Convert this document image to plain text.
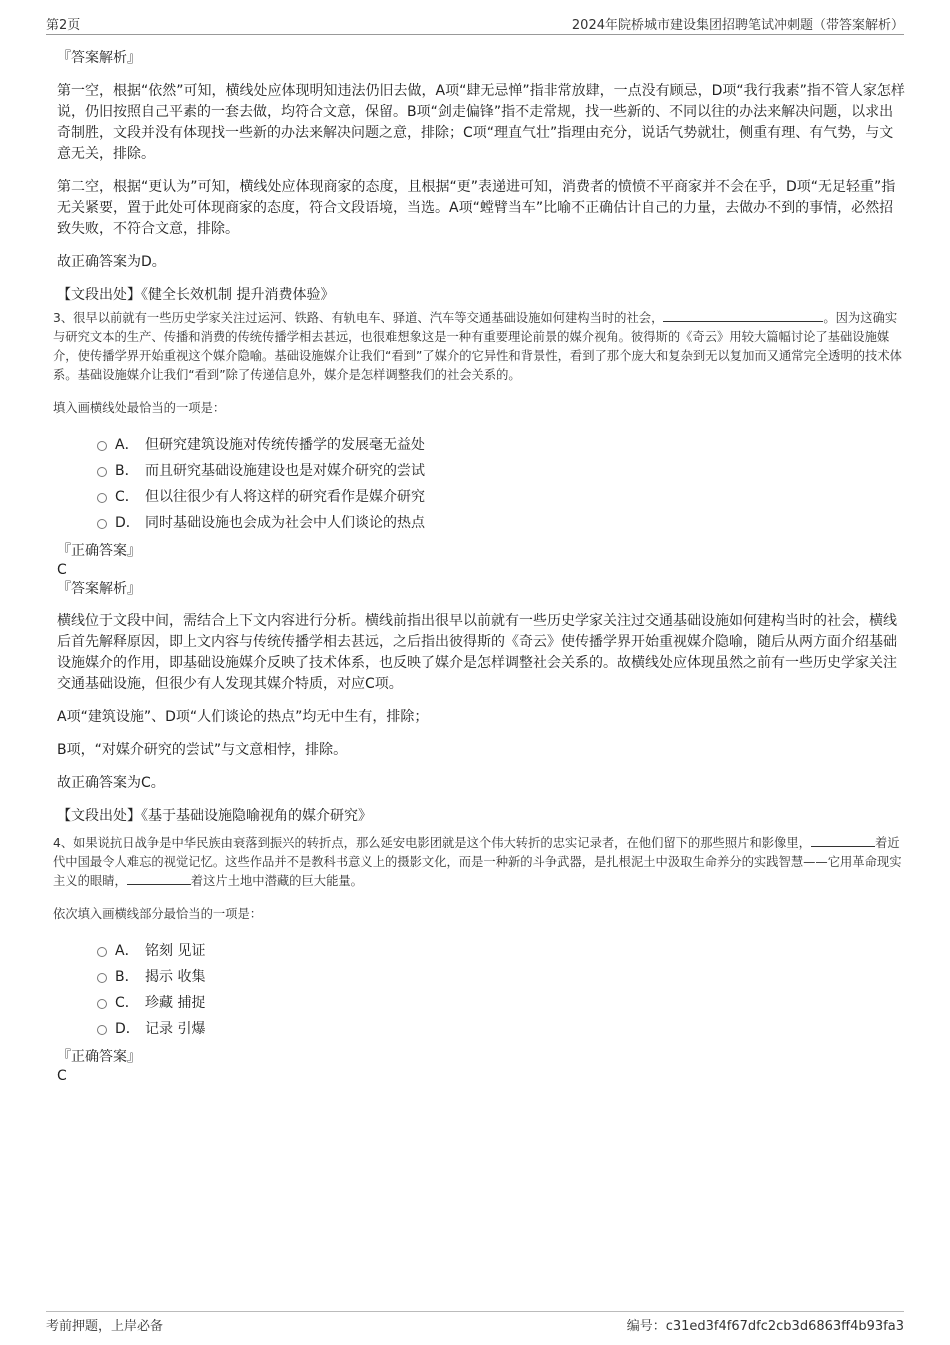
第2页	2024年院桥城市建设集团招聘笔试冲刺题（带答案解析）

『答案解析』

第一空，根据“依然”可知，横线处应体现明知违法仍旧去做，A项“肆无忌惮”指非常放肆，一点没有顾忌，D项“我行我素”指不管人家怎样说，仍旧按照自己平素的一套去做，均符合文意，保留。B项“剑走偏锋”指不走常规，找一些新的、不同以往的办法来解决问题，以求出奇制胜，文段并没有体现找一些新的办法来解决问题之意，排除；C项“理直气壮”指理由充分，说话气势就壮，侧重有理、有气势，与文意无关，排除。

第二空，根据“更认为”可知，横线处应体现商家的态度，且根据“更”表递进可知，消费者的愤愤不平商家并不会在乎，D项“无足轻重”指无关紧要，置于此处可体现商家的态度，符合文段语境，当选。A项“螳臂当车”比喻不正确估计自己的力量，去做办不到的事情，必然招致失败，不符合文意，排除。

故正确答案为D。

【文段出处】《健全长效机制 提升消费体验》

3、很早以前就有一些历史学家关注过运河、铁路、有轨电车、驿道、汽车等交通基础设施如何建构当时的社会，	。因为这确实与研究文本的生产、传播和消费的传统传播学相去甚远，也很难想象这是一种有重要理论前景的媒介视角。彼得斯的《奇云》用较大篇幅讨论了基础设施媒介，使传播学界开始重视这个媒介隐喻。基础设施媒介让我们“看到”了媒介的它异性和背景性，看到了那个庞大和复杂到无以复加而又通常完全透明的技术体系。基础设施媒介让我们“看到”除了传递信息外，媒介是怎样调整我们的社会关系的。

填入画横线处最恰当的一项是：

A． 但研究建筑设施对传统传播学的发展毫无益处
B． 而且研究基础设施建设也是对媒介研究的尝试
C． 但以往很少有人将这样的研究看作是媒介研究
D． 同时基础设施也会成为社会中人们谈论的热点

『正确答案』

C

『答案解析』

横线位于文段中间，需结合上下文内容进行分析。横线前指出很早以前就有一些历史学家关注过交通基础设施如何建构当时的社会，横线后首先解释原因，即上文内容与传统传播学相去甚远，之后指出彼得斯的《奇云》使传播学界开始重视媒介隐喻，随后从两方面介绍基础设施媒介的作用，即基础设施媒介反映了技术体系，也反映了媒介是怎样调整社会关系的。故横线处应体现虽然之前有一些历史学家关注交通基础设施，但很少有人发现其媒介特质，对应C项。

A项“建筑设施”、D项“人们谈论的热点”均无中生有，排除；

B项，“对媒介研究的尝试”与文意相悖，排除。

故正确答案为C。

【文段出处】《基于基础设施隐喻视角的媒介研究》

4、如果说抗日战争是中华民族由衰落到振兴的转折点，那么延安电影团就是这个伟大转折的忠实记录者，在他们留下的那些照片和影像里，	着近代中国最令人难忘的视觉记忆。这些作品并不是教科书意义上的摄影文化，而是一种新的斗争武器，是扎根泥土中汲取生命养分的实践智慧——它用革命现实主义的眼睛，	着这片土地中潜藏的巨大能量。

依次填入画横线部分最恰当的一项是：

A． 铭刻 见证
B． 揭示 收集
C． 珍藏 捕捉
D． 记录 引爆

『正确答案』

C

考前押题，上岸必备	编号：c31ed3f4f67dfc2cb3d6863ff4b93fa3
